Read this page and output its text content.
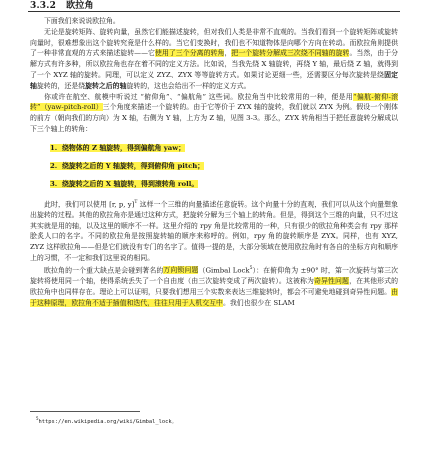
3.3.2 欧拉角

下面我们来说说欧拉角。

无论是旋转矩阵、旋转向量，虽然它们能描述旋转，但对我们人类是非常不直观的。当我们看到一个旋转矩阵或旋转向量时，很难想象出这个旋转究竟是什么样的。当它们变换时，我们也不知道物体是向哪个方向在转动。而欧拉角则提供了一种非常直观的方式来描述旋转——它使用了三个分离的转角，把一个旋转分解成三次绕不同轴的旋转。当然，由于分解方式有许多种，所以欧拉角也存在着不同的定义方法。比如说，当我先绕 X 轴旋转，再绕 Y 轴，最后绕 Z 轴，就得到了一个 XYZ 轴的旋转。同理，可以定义 ZYZ、ZYX 等等旋转方式。如果讨论更细一些，还需要区分每次旋转是绕固定轴旋转的，还是绕旋转之后的轴旋转的，这也会给出不一样的定义方式。

你或许在航空、航模中听说过 “俯仰角”、“偏航角” 这些词。欧拉角当中比较常用的一种，便是用“偏航-俯仰-滚转”（yaw-pitch-roll）三个角度来描述一个旋转的。由于它等价于 ZYX 轴的旋转，我们就以 ZYX 为例。假设一个刚体的前方（朝向我们的方向）为 X 轴，右侧为 Y 轴，上方为 Z 轴，见图 3-3。那么，ZYX 转角相当于把任意旋转分解成以下三个轴上的转角：

1. 绕物体的 Z 轴旋转，得到偏航角 yaw；
2. 绕旋转之后的 Y 轴旋转，得到俯仰角 pitch；
3. 绕旋转之后的 X 轴旋转，得到滚转角 roll。

此时，我们可以使用 [r, p, y]$^T$ 这样一个三维的向量描述任意旋转。这个向量十分的直观，我们可以从这个向量想象出旋转的过程。其他的欧拉角亦是通过这种方式，把旋转分解为三个轴上的转角。但是，得到这个三维的向量，只不过这其实就是用的轴，以及这里的顺序不一样。这里介绍的 rpy 角是比较常用的一种，只有很少的欧拉角种类会有 rpy 那样脍炙人口的名字。不同的欧拉角是按照旋转轴的顺序来称呼的。例如，rpy 角的旋转顺序是 ZYX。同样，也有 XYZ, ZYZ 这样欧拉角——但是它们就没有专门的名字了。值得一提的是，大部分领域在使用欧拉角时有各自的坐标方向和顺序上的习惯，不一定和我们这里说的相同。

欧拉角的一个重大缺点是会碰到著名的万向锁问题（Gimbal Lock$^5$）：在俯仰角为 ±90° 时，第一次旋转与第三次旋转将使用同一个轴，使得系统丢失了一个自由度（由三次旋转变成了两次旋转）。这被称为奇异性问题，在其他形式的欧拉角中也同样存在。理论上可以证明，只要我们想用三个实数来表达三维旋转时，都会不可避免地碰到奇异性问题。由于这种原理，欧拉角不适于插值和迭代，往往只用于人机交互中。我们也很少在 SLAM

$^5$https://en.wikipedia.org/wiki/Gimbal_lock。
